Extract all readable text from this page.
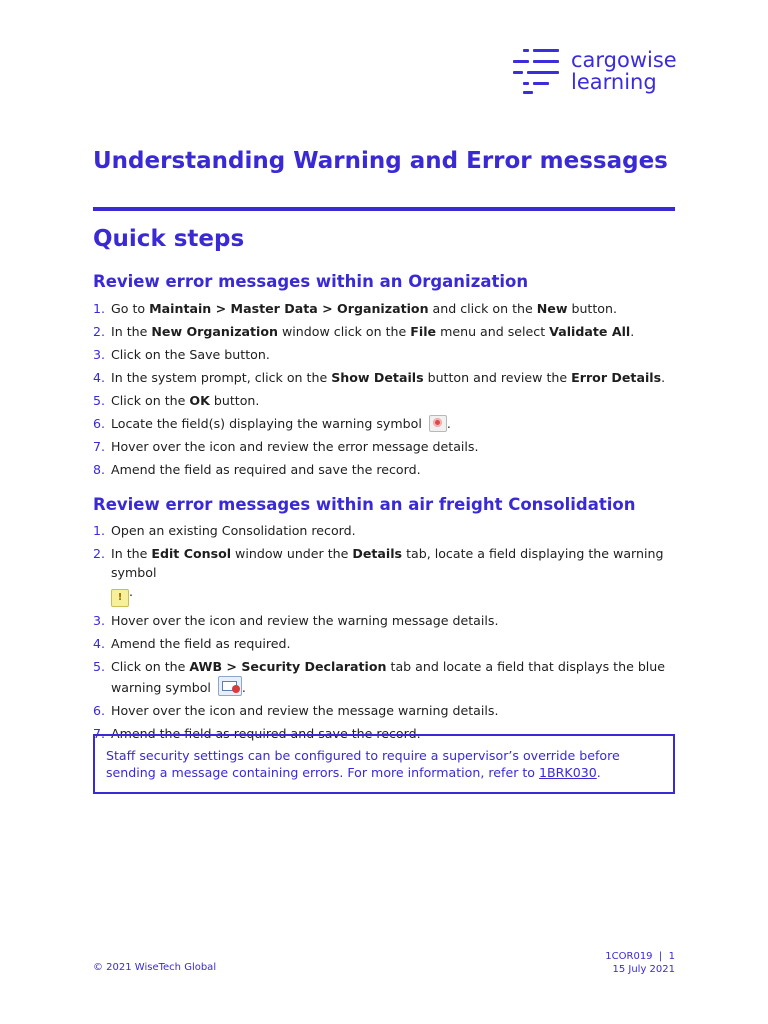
cargowise
learning
Understanding Warning and Error messages
Quick steps
Review error messages within an Organization
1. Go to Maintain > Master Data > Organization and click on the New button.
2. In the New Organization window click on the File menu and select Validate All.
3. Click on the Save button.
4. In the system prompt, click on the Show Details button and review the Error Details.
5. Click on the OK button.
6. Locate the field(s) displaying the warning symbol .
7. Hover over the icon and review the error message details.
8. Amend the field as required and save the record.
Review error messages within an air freight Consolidation
1. Open an existing Consolidation record.
2. In the Edit Consol window under the Details tab, locate a field displaying the warning symbol
! .
3. Hover over the icon and review the warning message details.
4. Amend the field as required.
5. Click on the AWB > Security Declaration tab and locate a field that displays the blue warning symbol .
6. Hover over the icon and review the message warning details.
7. Amend the field as required and save the record.
Staff security settings can be configured to require a supervisor’s override before sending a message containing errors. For more information, refer to 1BRK030.
© 2021 WiseTech Global
1COR019  |  1
15 July 2021
